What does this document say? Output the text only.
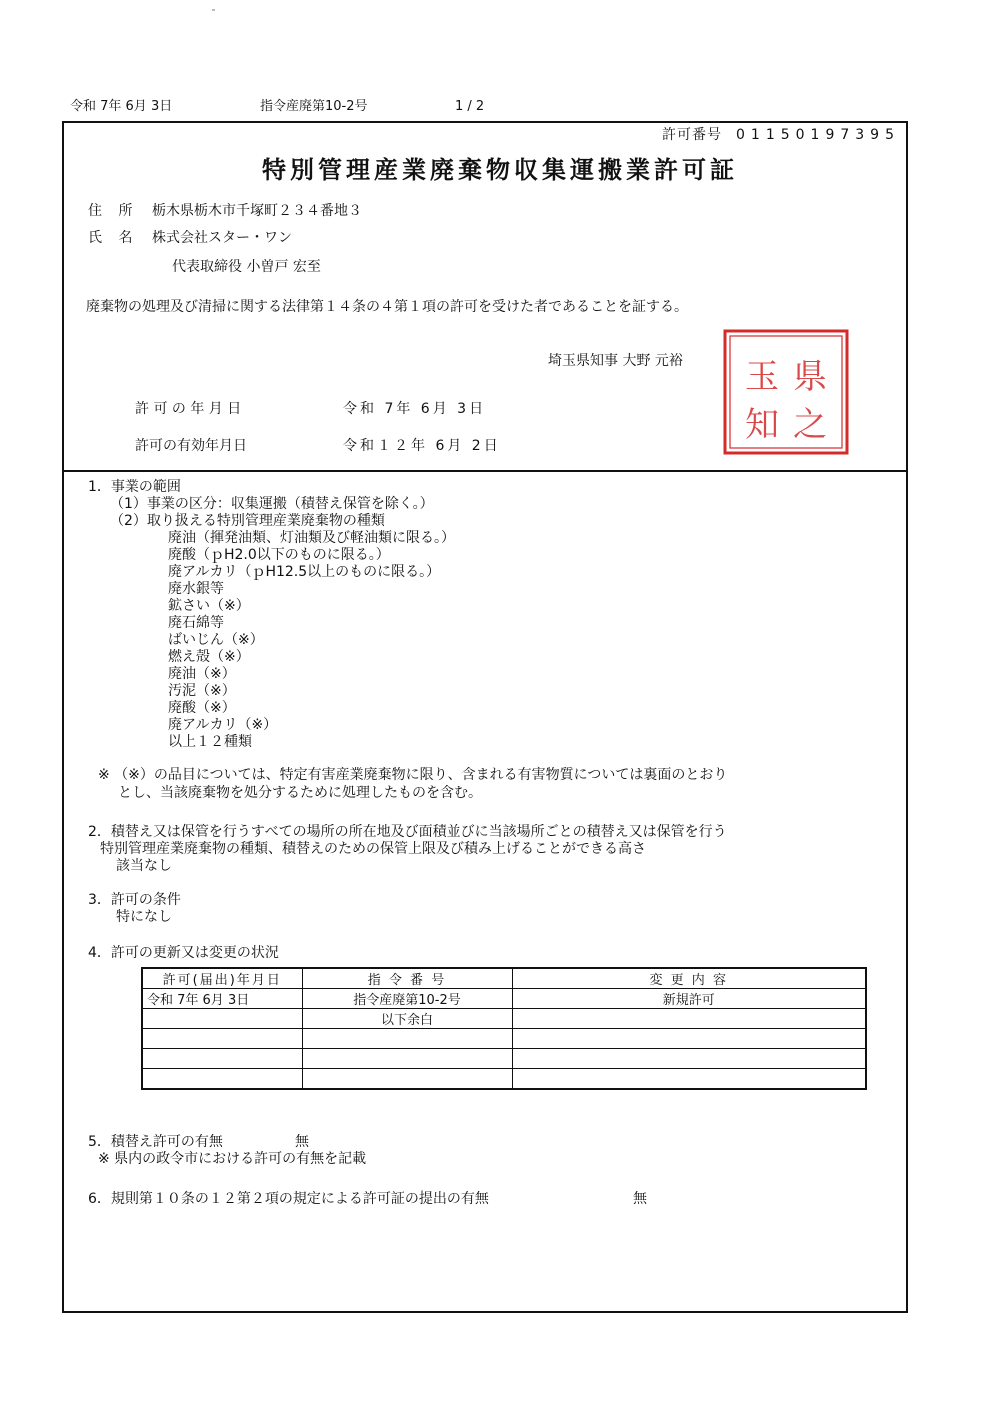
令和 7年 6月 3日	指令産廃第10-2号	1 / 2
許可番号 01150197395
特別管理産業廃棄物収集運搬業許可証
住 所 栃木県栃木市千塚町２３４番地３
氏 名 株式会社スター・ワン
代表取締役 小曽戸 宏至
廃棄物の処理及び清掃に関する法律第１４条の４第１項の許可を受けた者であることを証する。
埼玉県知事 大野 元裕	県
之
玉
知
許 可 の 年 月 日	令和 7年 6月 3日
許可の有効年月日	令和１２年 6月 2日
1．事業の範囲
（1）事業の区分：収集運搬（積替え保管を除く。）
（2）取り扱える特別管理産業廃棄物の種類
廃油（揮発油類、灯油類及び軽油類に限る。）
廃酸（ｐH2.0以下のものに限る。）
廃アルカリ（ｐH12.5以上のものに限る。）
廃水銀等
鉱さい（※）
廃石綿等
ばいじん（※）
燃え殻（※）
廃油（※）
汚泥（※）
廃酸（※）
廃アルカリ（※）
以上１２種類
※ （※）の品目については、特定有害産業廃棄物に限り、含まれる有害物質については裏面のとおり
とし、当該廃棄物を処分するために処理したものを含む。
2．積替え又は保管を行うすべての場所の所在地及び面積並びに当該場所ごとの積替え又は保管を行う
特別管理産業廃棄物の種類、積替えのための保管上限及び積み上げることができる高さ
該当なし
3．許可の条件
特になし
4．許可の更新又は変更の状況
許可(届出)年月日	指 令 番 号	変 更 内 容
令和 7年 6月 3日	指令産廃第10-2号	新規許可
	以下余白	

5．積替え許可の有無	無
※ 県内の政令市における許可の有無を記載
6．規則第１０条の１２第２項の規定による許可証の提出の有無	無
